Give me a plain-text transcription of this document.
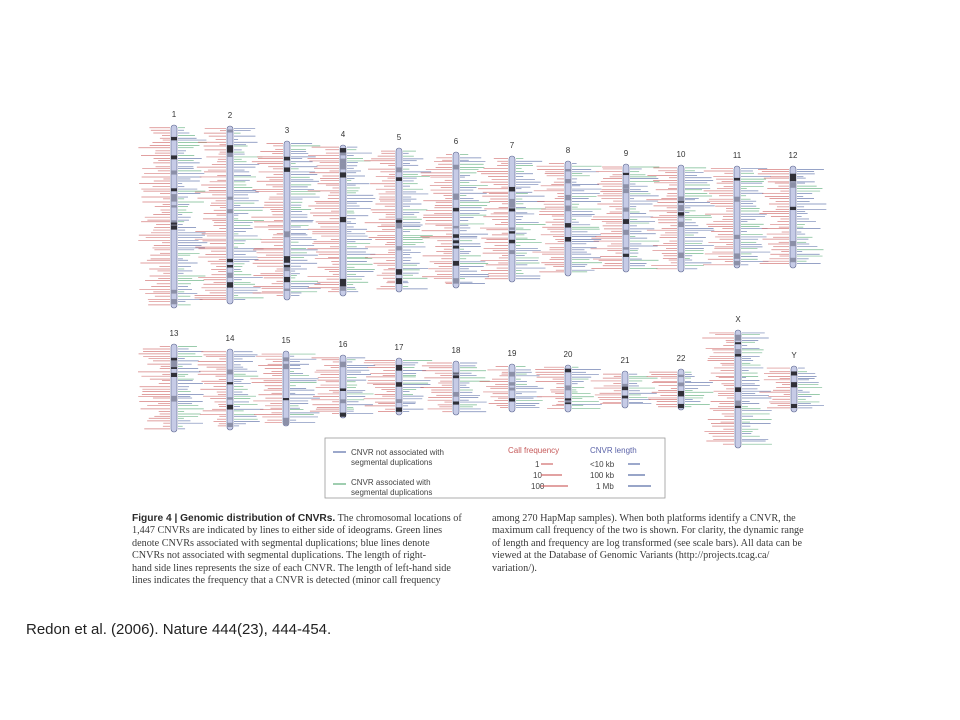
1	2
3	4	5	6	7
8	9	10	11	12
13
14	15	16	17	18	19	20
21	22
X
Y
CNVR not associated with
segmental duplications
CNVR associated with
segmental duplications
Call frequency	CNVR length
1
10
100
<10 kb
100 kb
1 Mb

Figure 4 | Genomic distribution of CNVRs. The chromosomal locations of

1,447 CNVRs are indicated by lines to either side of ideograms. Green lines

denote CNVRs associated with segmental duplications; blue lines denote

CNVRs not associated with segmental duplications. The length of right-

hand side lines represents the size of each CNVR. The length of left-hand side

lines indicates the frequency that a CNVR is detected (minor call frequency

among 270 HapMap samples). When both platforms identify a CNVR, the

maximum call frequency of the two is shown. For clarity, the dynamic range

of length and frequency are log transformed (see scale bars). All data can be

viewed at the Database of Genomic Variants (http://projects.tcag.ca/

variation/).

Redon et al. (2006). Nature 444(23), 444-454.
